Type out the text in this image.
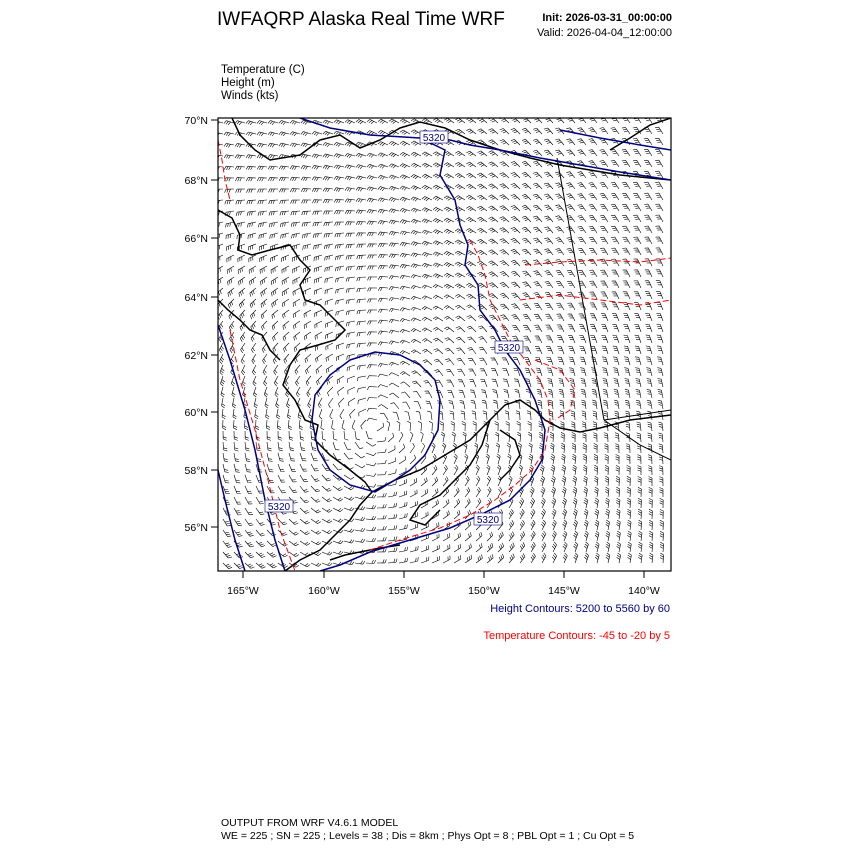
IWFAQRP Alaska Real Time WRF	Init: 2026-03-31_00:00:00
Valid: 2026-04-04_12:00:00
Temperature (C)
Height (m)
Winds (kts)
70°N
68°N
66°N
64°N
62°N
60°N
58°N
56°N
165°W	160°W	155°W	150°W	145°W	140°W
5320
5320
5320
5320
Height Contours: 5200 to 5560 by 60
Temperature Contours: -45 to -20 by 5
OUTPUT FROM WRF V4.6.1 MODEL
WE = 225 ; SN = 225 ; Levels = 38 ; Dis = 8km ; Phys Opt = 8 ; PBL Opt = 1 ; Cu Opt = 5
